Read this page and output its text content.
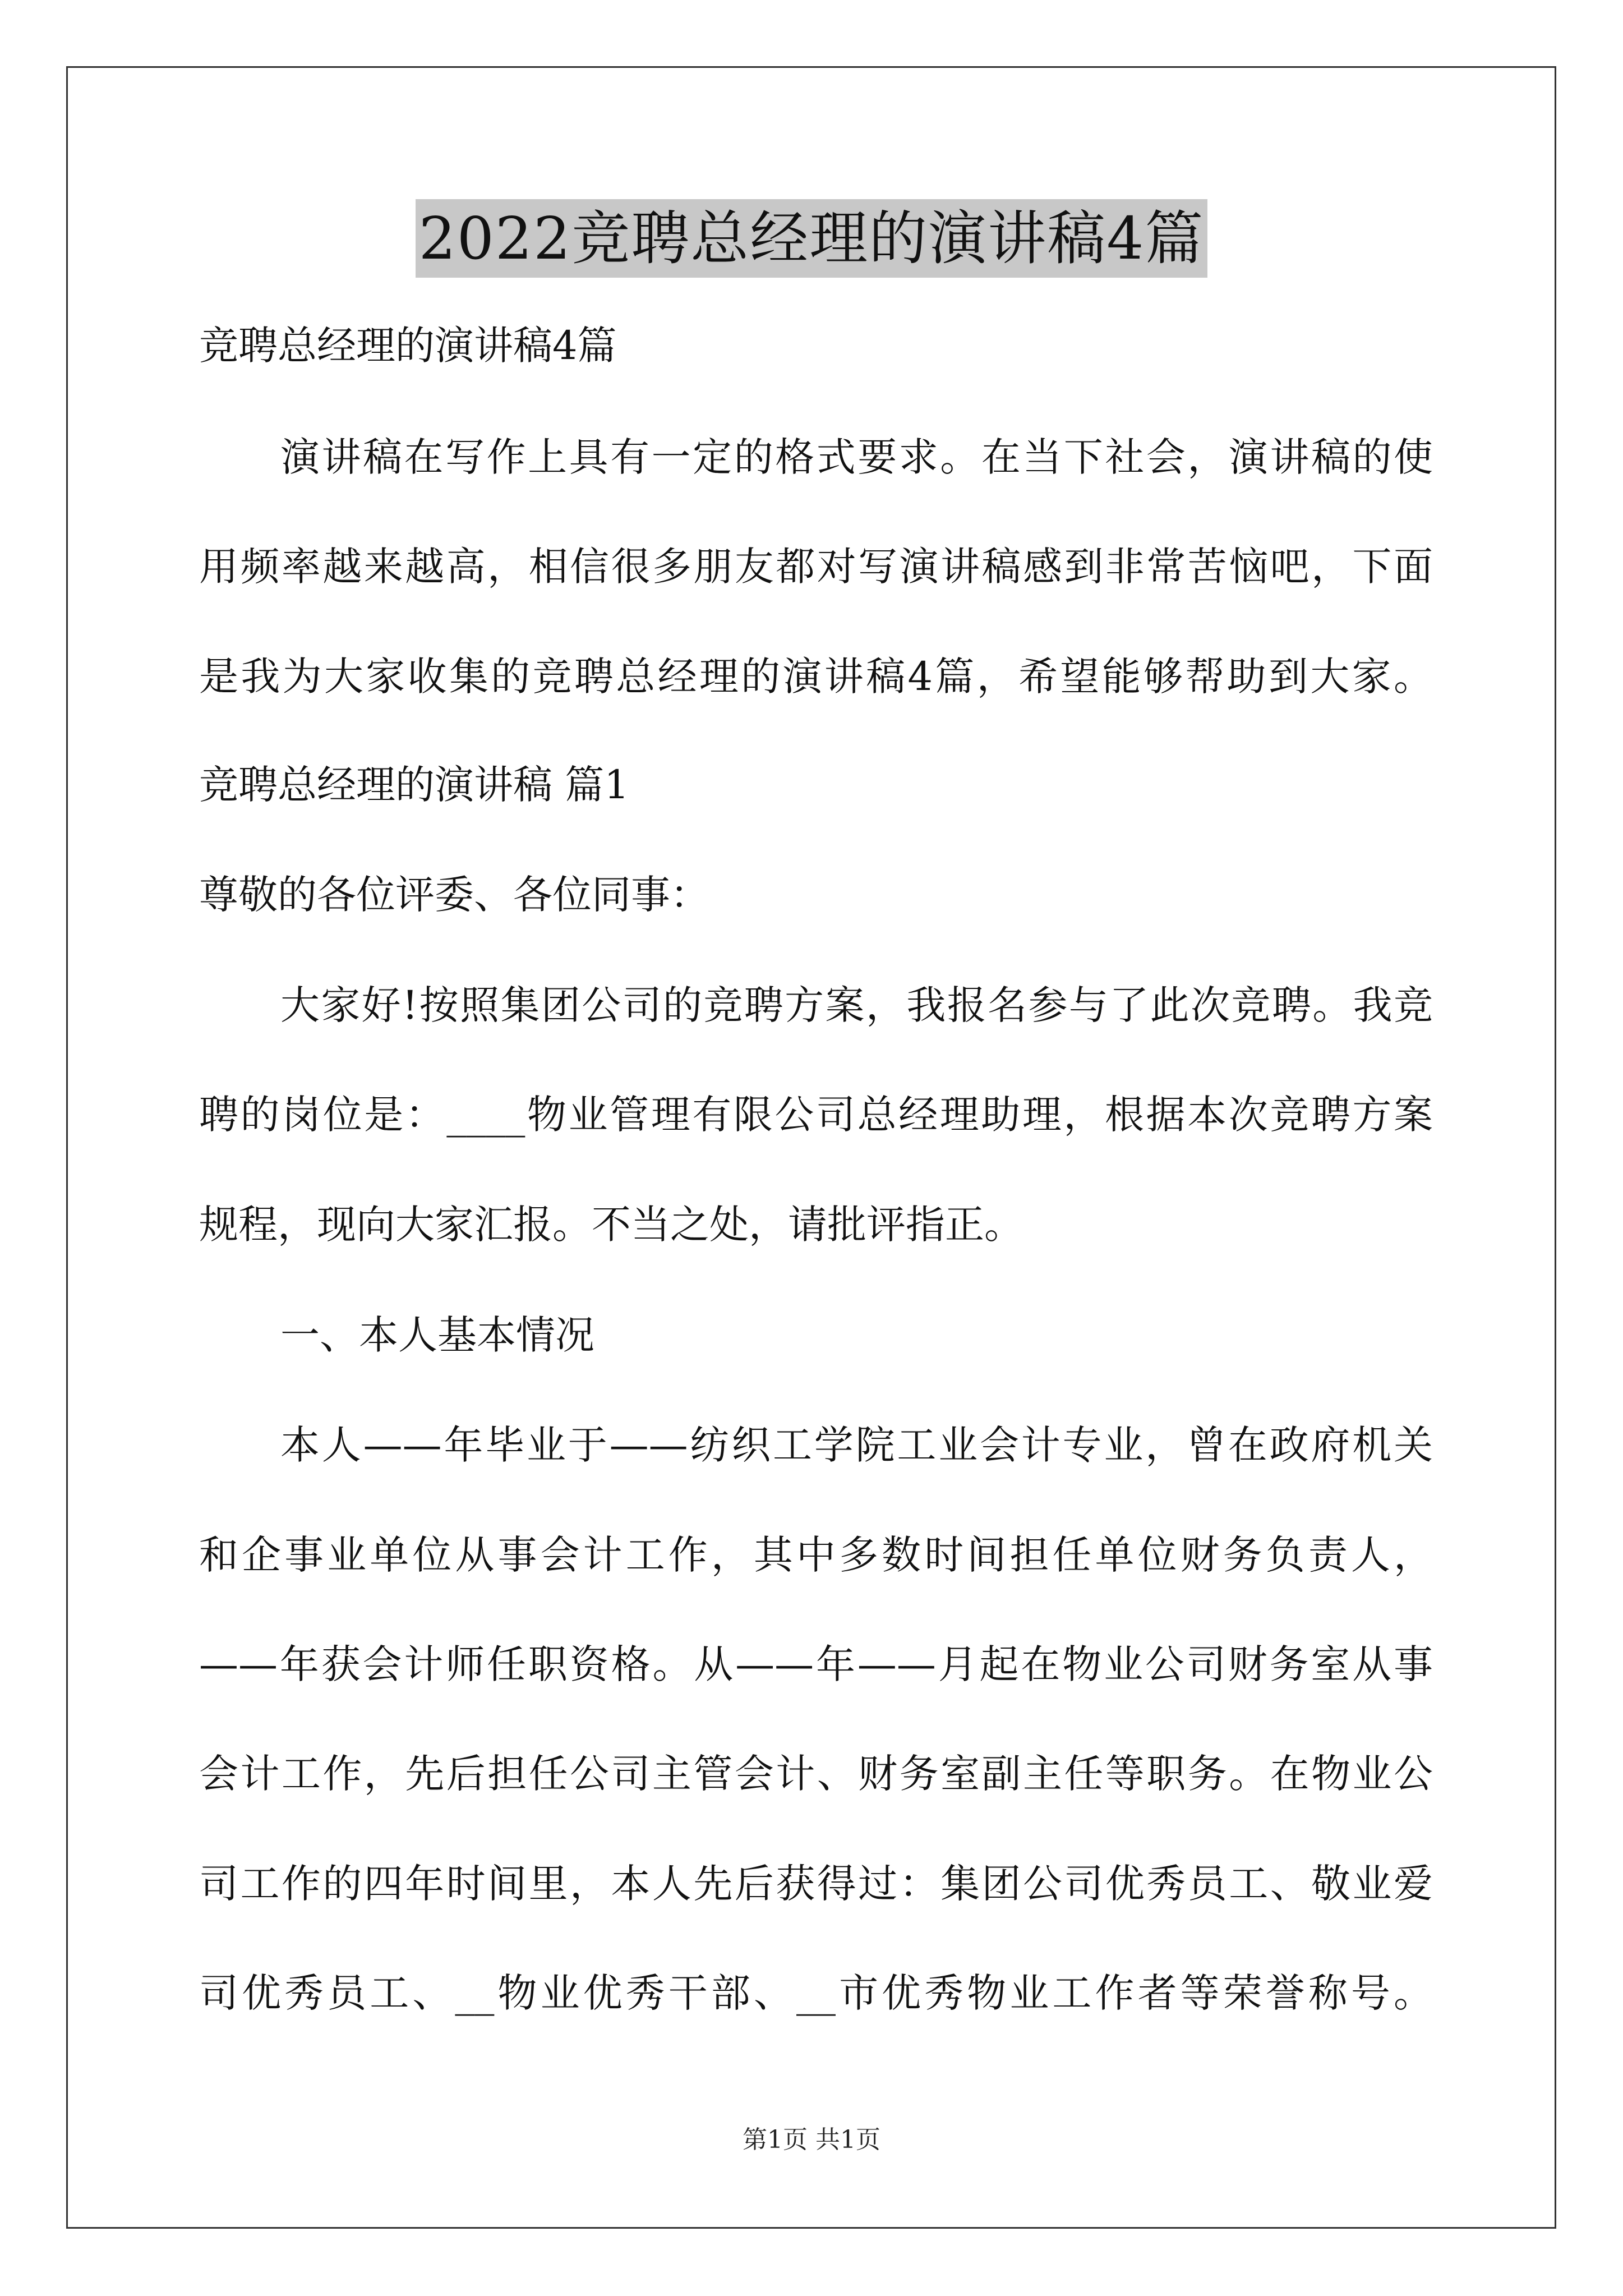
2022竞聘总经理的演讲稿4篇
竞聘总经理的演讲稿4篇
演讲稿在写作上具有一定的格式要求。在当下社会，演讲稿的使
用频率越来越高，相信很多朋友都对写演讲稿感到非常苦恼吧，下面
是我为大家收集的竞聘总经理的演讲稿4篇，希望能够帮助到大家。
竞聘总经理的演讲稿 篇1
尊敬的各位评委、各位同事：
大家好!按照集团公司的竞聘方案，我报名参与了此次竞聘。我竞
聘的岗位是：____物业管理有限公司总经理助理，根据本次竞聘方案
规程，现向大家汇报。不当之处，请批评指正。
一、本人基本情况
本人——年毕业于——纺织工学院工业会计专业，曾在政府机关
和企事业单位从事会计工作，其中多数时间担任单位财务负责人，
——年获会计师任职资格。从——年——月起在物业公司财务室从事
会计工作，先后担任公司主管会计、财务室副主任等职务。在物业公
司工作的四年时间里，本人先后获得过：集团公司优秀员工、敬业爱
司优秀员工、__物业优秀干部、__市优秀物业工作者等荣誉称号。
第1页 共1页
